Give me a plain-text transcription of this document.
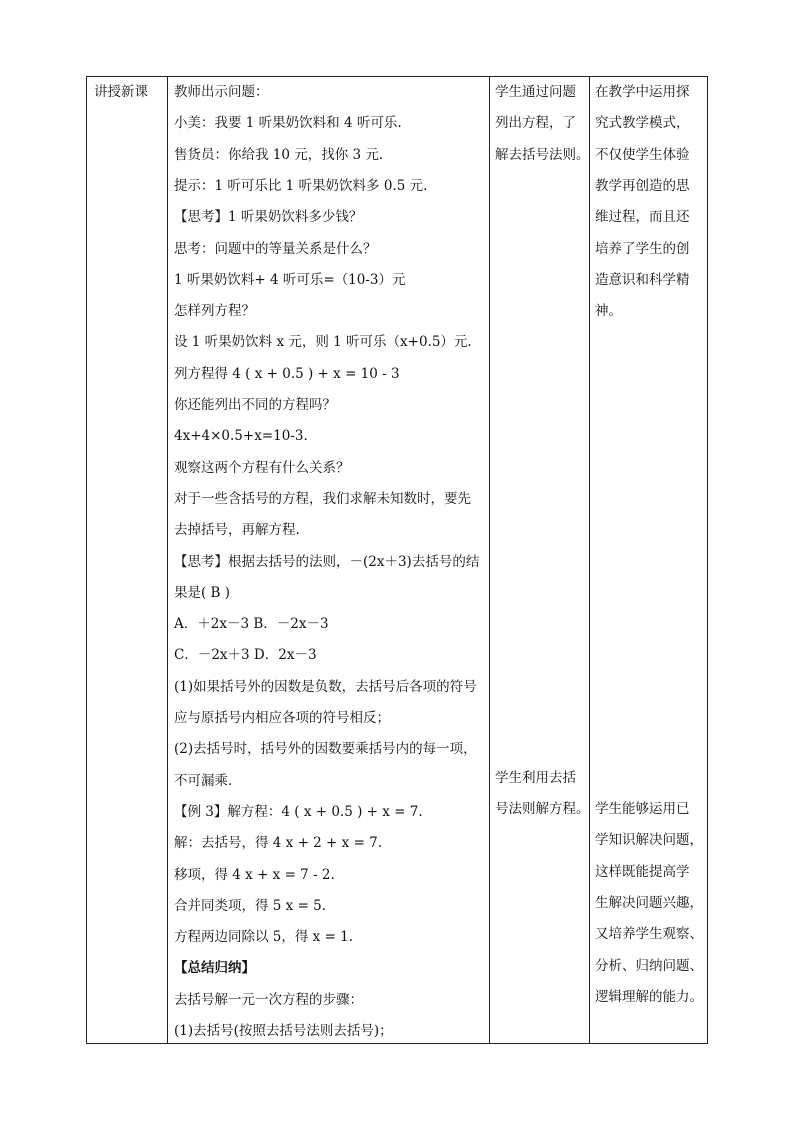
讲授新课 教师出示问题：
小美：我要 1 听果奶饮料和 4 听可乐.
售货员：你给我 10 元，找你 3 元.
提示：1 听可乐比 1 听果奶饮料多 0.5 元.
【思考】1 听果奶饮料多少钱？
思考：问题中的等量关系是什么？
1 听果奶饮料+ 4 听可乐=（10-3）元
怎样列方程？
设 1 听果奶饮料 x 元，则 1 听可乐（x+0.5）元.
列方程得 4 ( x + 0.5 ) + x = 10 - 3
你还能列出不同的方程吗？
4x+4×0.5+x=10-3.
观察这两个方程有什么关系？
对于一些含括号的方程，我们求解未知数时，要先
去掉括号，再解方程.
【思考】根据去括号的法则，－(2x＋3)去括号的结
果是( B )
A．＋2x－3 B．－2x－3
C．－2x＋3 D．2x－3
(1)如果括号外的因数是负数，去括号后各项的符号
应与原括号内相应各项的符号相反；
(2)去括号时，括号外的因数要乘括号内的每一项，
不可漏乘．
【例 3】解方程：4 ( x + 0.5 ) + x = 7.
解：去括号，得 4 x + 2 + x = 7.
移项，得 4 x + x = 7 - 2.
合并同类项，得 5 x = 5.
方程两边同除以 5，得 x = 1.
【总结归纳】
去括号解一元一次方程的步骤：
(1)去括号(按照去括号法则去括号)；
学生通过问题
列出方程，了
解去括号法则。
学生利用去括
号法则解方程。
在教学中运用探
究式教学模式，
不仅使学生体验
教学再创造的思
维过程，而且还
培养了学生的创
造意识和科学精
神。
学生能够运用已
学知识解决问题，
这样既能提高学
生解决问题兴趣，
又培养学生观察、
分析、归纳问题、
逻辑理解的能力。
